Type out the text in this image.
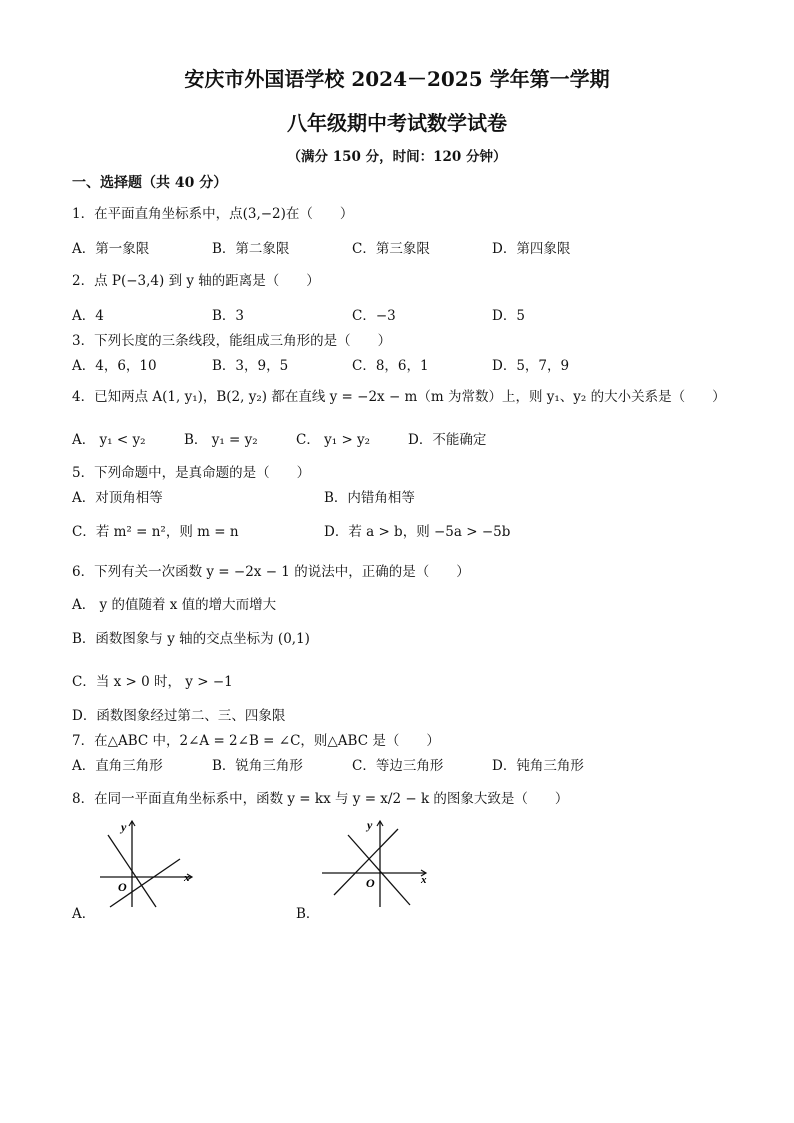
安庆市外国语学校 2024－2025 学年第一学期
八年级期中考试数学试卷
（满分 150 分，时间：120 分钟）
一、选择题（共 40 分）
1．在平面直角坐标系中，点(3,−2)在（　　）
A．第一象限	B．第二象限	C．第三象限	D．第四象限
2．点 P(−3,4) 到 y 轴的距离是（　　）
A．4	B．3	C．−3	D．5
3．下列长度的三条线段，能组成三角形的是（　　）
A．4，6，10	B．3，9，5	C．8，6，1	D．5，7，9
4．已知两点 A(1, y₁)，B(2, y₂) 都在直线 y = −2x − m（m 为常数）上，则 y₁、y₂ 的大小关系是（　　）
A． y₁ < y₂	B． y₁ = y₂	C． y₁ > y₂	D．不能确定
5．下列命题中，是真命题的是（　　）
A．对顶角相等	B．内错角相等
C．若 m² = n²，则 m = n	D．若 a > b，则 −5a > −5b
6．下列有关一次函数 y = −2x − 1 的说法中，正确的是（　　）
A． y 的值随着 x 值的增大而增大
B．函数图象与 y 轴的交点坐标为 (0,1)
C．当 x > 0 时， y > −1
D．函数图象经过第二、三、四象限
7．在△ABC 中，2∠A = 2∠B = ∠C，则△ABC 是（　　）
A．直角三角形	B．锐角三角形	C．等边三角形	D．钝角三角形
8．在同一平面直角坐标系中，函数 y = kx 与 y = x/2 − k 的图象大致是（　　）
y
x
O
A．
y
x
O
B．
